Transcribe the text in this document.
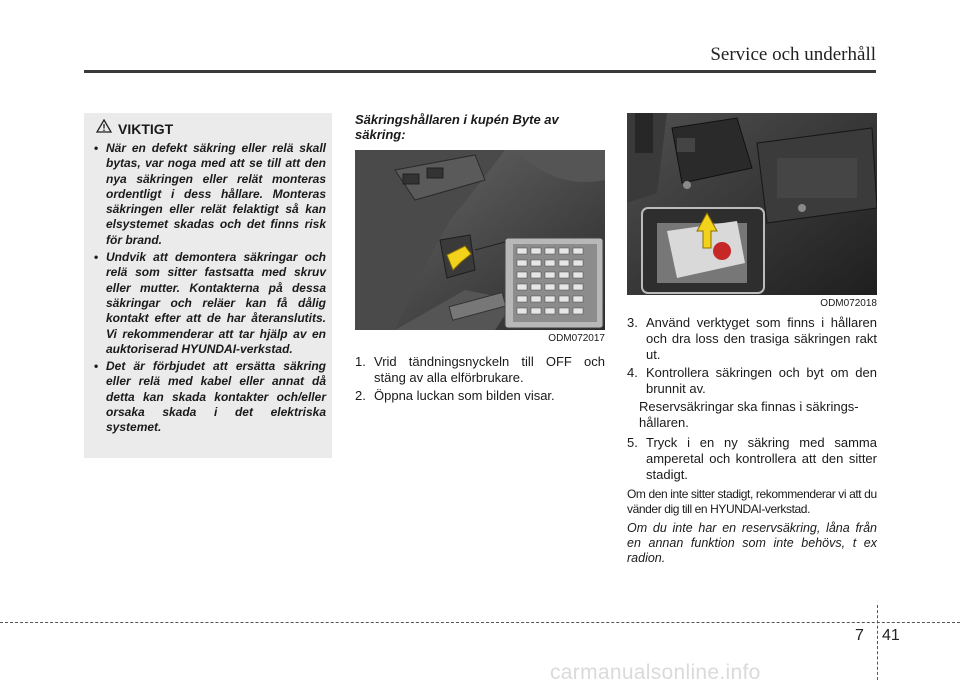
Service och underhåll
VIKTIGT
• När en defekt säkring eller relä skall bytas, var noga med att se till att den nya säkringen eller relät monteras ordentligt i dess hållare. Monteras säkringen eller relät felaktigt så kan elsystemet skadas och det finns risk för brand.
• Undvik att demontera säkringar och relä som sitter fastsatta med skruv eller mutter. Kontakterna på dessa säkringar och reläer kan få dålig kontakt efter att de har återanslutits. Vi rekommenderar att tar hjälp av en auktoriserad HYUNDAI-verkstad.
• Det är förbjudet att ersätta säkring eller relä med kabel eller annat då detta kan skada kontakter och/eller orsaka skada i det elektriska systemet.
Säkringshållaren i kupén Byte av säkring:
ODM072017
1. Vrid tändningsnyckeln till OFF och stäng av alla elförbrukare.
2. Öppna luckan som bilden visar.
ODM072018
3. Använd verktyget som finns i hållaren och dra loss den trasiga säkringen rakt ut.
4. Kontrollera säkringen och byt om den brunnit av.
Reservsäkringar ska finnas i säkrings-
hållaren.
5. Tryck i en ny säkring med samma amperetal och kontrollera att den sitter stadigt.
Om den inte sitter stadigt, rekommenderar vi att du vänder dig till en HYUNDAI-verkstad.
Om du inte har en reservsäkring, låna från en annan funktion som inte behövs, t ex radion.
7 41
carmanualsonline.info
